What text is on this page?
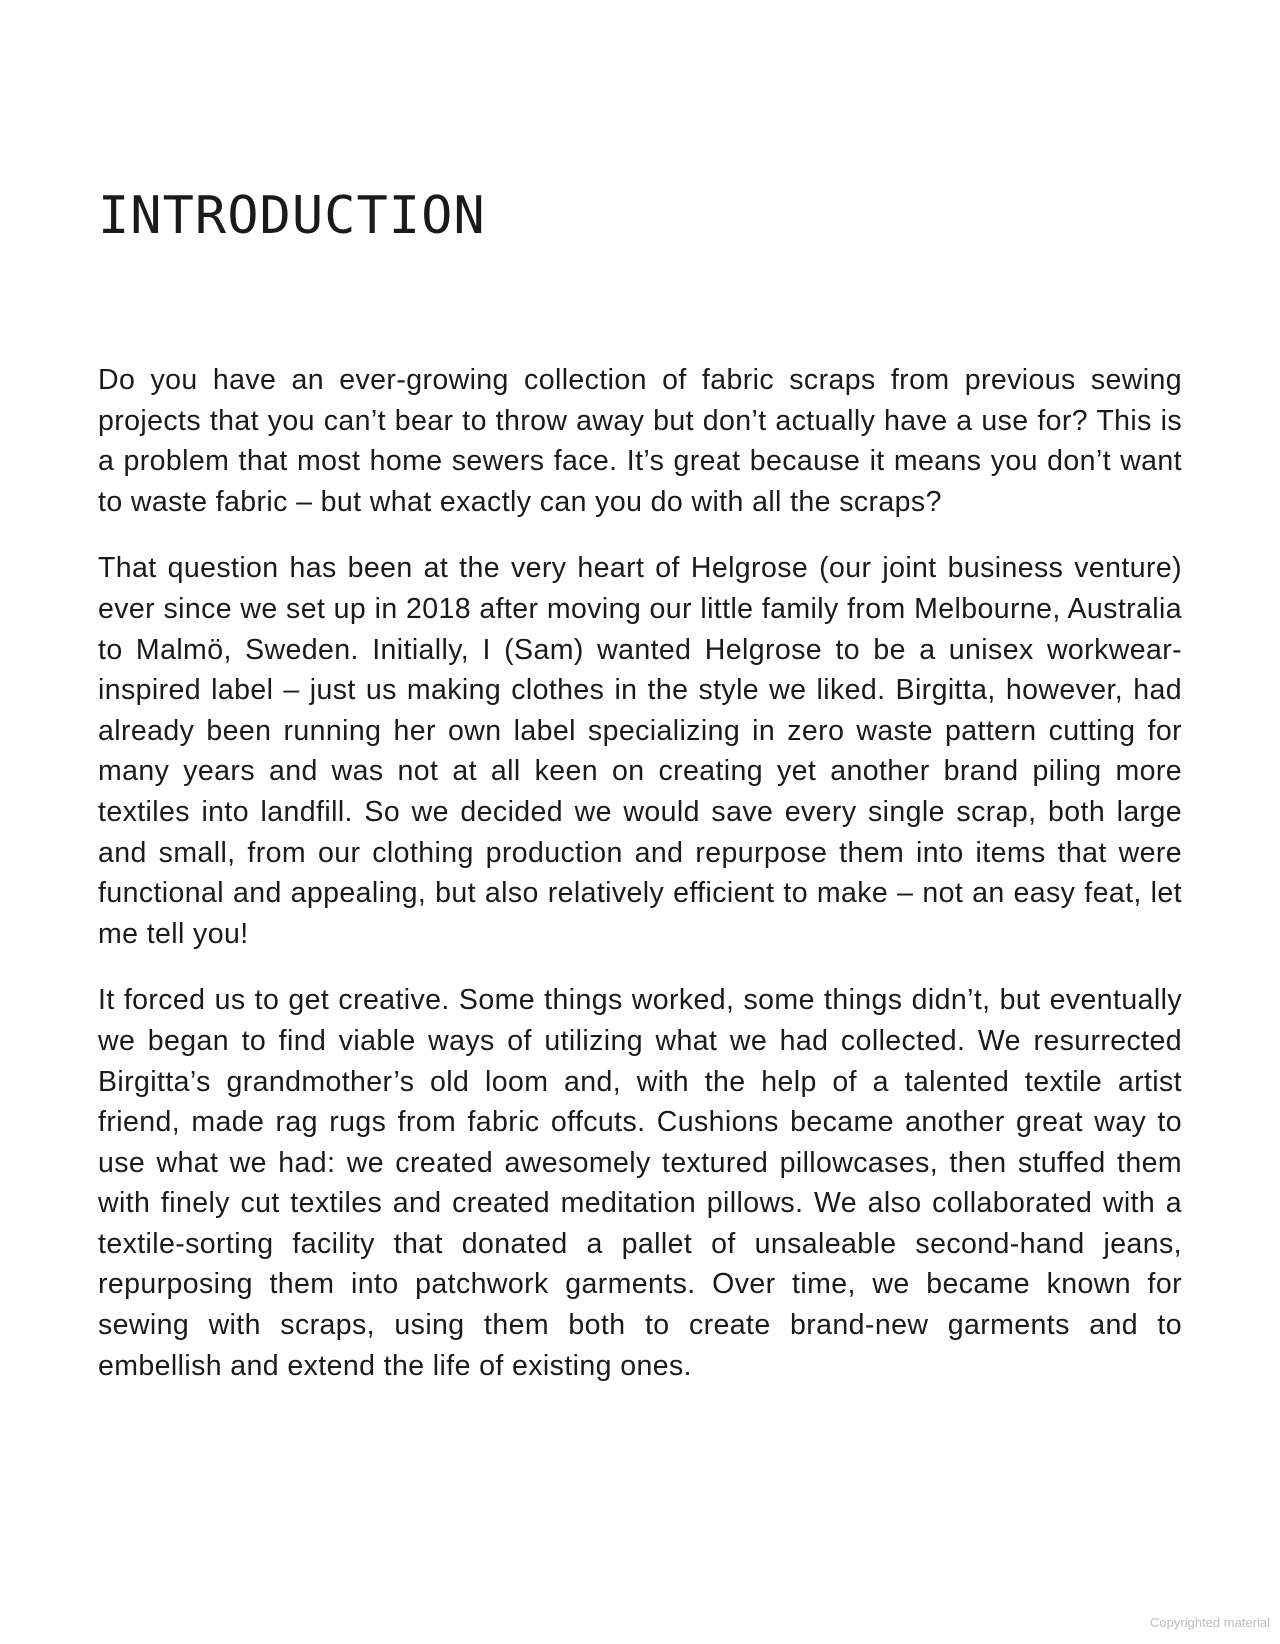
INTRODUCTION

Do you have an ever-growing collection of fabric scraps from previous sewing projects that you can’t bear to throw away but don’t actually have a use for? This is a problem that most home sewers face. It’s great because it means you don’t want to waste fabric – but what exactly can you do with all the scraps?

That question has been at the very heart of Helgrose (our joint business venture) ever since we set up in 2018 after moving our little family from Melbourne, Australia to Malmö, Sweden. Initially, I (Sam) wanted Helgrose to be a unisex workwear-inspired label – just us making clothes in the style we liked. Birgitta, however, had already been running her own label specializing in zero waste pattern cutting for many years and was not at all keen on creating yet another brand piling more textiles into landfill. So we decided we would save every single scrap, both large and small, from our clothing production and repurpose them into items that were functional and appealing, but also relatively efficient to make – not an easy feat, let me tell you!

It forced us to get creative. Some things worked, some things didn’t, but eventually we began to find viable ways of utilizing what we had collected. We resurrected Birgitta’s grandmother’s old loom and, with the help of a talented textile artist friend, made rag rugs from fabric offcuts. Cushions became another great way to use what we had: we created awesomely textured pillowcases, then stuffed them with finely cut textiles and created meditation pillows. We also collaborated with a textile-sorting facility that donated a pallet of unsaleable second-hand jeans, repurposing them into patchwork garments. Over time, we became known for sewing with scraps, using them both to create brand-new garments and to embellish and extend the life of existing ones.

Copyrighted material
